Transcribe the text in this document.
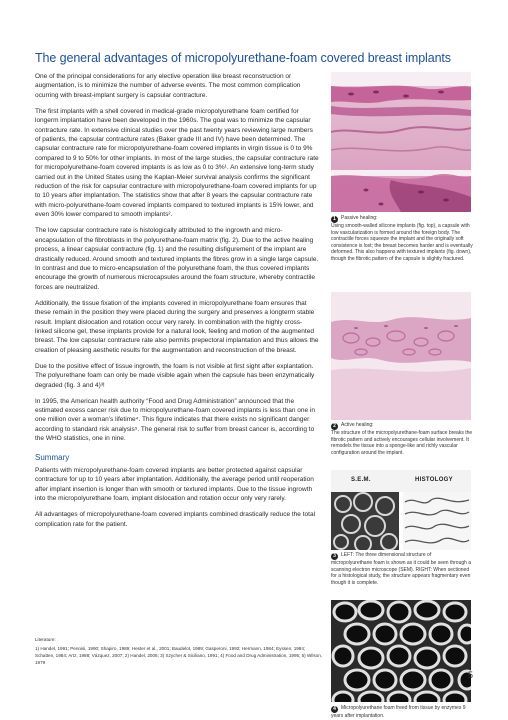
The general advantages of micropolyurethane-foam covered breast implants

One of the principal considerations for any elective operation like breast reconstruction or augmentation, is to minimize the number of adverse events. The most common complication ocurring with breast-implant surgery is capsular contracture.

The first implants with a shell covered in medical-grade micropolyurethane foam certified for longerm implantation have been developed in the 1960s. The goal was to minimize the capsular contracture rate. In extensive clinical studies over the past twenty years reviewing large numbers of patients, the capsular contracture rates (Baker grade III and IV) have been determined. The capsular contracture rate for micropolyurethane-foam covered implants in virgin tissue is 0 to 9% compared to 9 to 50% for other implants. In most of the large studies, the capsular contracture rate for micropolyurethane-foam covered implants is as low as 0 to 3%¹. An extensive long-term study carried out in the United States using the Kaplan-Meier survival analysis confirms the significant reduction of the risk for capsular contracture with micropolyurethane-foam covered implants for up to 10 years after implantation. The statistics show that after 8 years the capsular contracture rate with micro-polyurethane-foam covered implants compared to textured implants is 15% lower, and even 30% lower compared to smooth implants².

The low capsular contracture rate is histologically attributed to the ingrowth and micro-encapsulation of the fibroblasts in the polyurethane-foam matrix (fig. 2). Due to the active healing process, a linear capsular contracture (fig. 1) and the resulting disfigurement of the implant are drastically reduced. Around smooth and textured implants the fibres grow in a single large capsule. In contrast and due to micro-encapsulation of the polyurethane foam, the thus covered implants encourage the growth of numerous microcapsules around the foam structure, whereby contractile forces are neutralized.

Additionally, the tissue fixation of the implants covered in micropolyurethane foam ensures that these remain in the position they were placed during the surgery and preserves a longterm stable result. Implant dislocation and rotation occur very rarely. In combination with the highly cross-linked silicone gel, these implants provide for a natural look, feeling and motion of the augmented breast. The low capsular contracture rate also permits prepectoral implantation and thus allows the creation of pleasing aesthetic results for the augmentation and reconstruction of the breast.

Due to the positive effect of tissue ingrowth, the foam is not visible at first sight after explantation. The polyurethane foam can only be made visible again when the capsule has been enzymatically degraded (fig. 3 and 4)³!

In 1995, the American health authority “Food and Drug Administration” announced that the estimated excess cancer risk due to micropolyurethane-foam covered implants is less than one in one million over a woman’s lifetime⁴. This figure indicates that there exists no significant danger according to standard risk analysis⁵. The general risk to suffer from breast cancer is, according to the WHO statistics, one in nine.

Summary

Patients with micropolyurethane-foam covered implants are better protected against capsular contracture for up to 10 years after implantation. Additionally, the average period until reoperation after implant insertion is longer than with smooth or textured implants. Due to the tissue ingrowth into the micropolyurethane foam, implant dislocation and rotation occur only very rarely.

All advantages of micropolyurethane-foam covered implants combined drastically reduce the total complication rate for the patient.

Literature:
1) Handel, 1991; Pennisi, 1990; Shapiro, 1989; Hester et al., 2001; Baudelot, 1989; Gasperoni, 1992; Hermann, 1984; Eyssen, 1984; Schatten, 1984; Artz, 1988; Vázquez, 2007; 2) Handel, 2006; 3) Szycher & Siciliano, 1991; 4) Food and Drug Administration, 1995; 5) Wilson, 1979
1 Passive healing:
Using smooth-walled silicone implants (fig. top), a capsule with low vascularization is formed around the foreign body. The contractile forces squeeze the implant and the originally soft consistence is lost; the breast becomes harder and is eventually deformed. This also happens with textured implants (fig. down), though the fibrotic pattern of the capsule is slightly fractured.
2 Active healing:
The structure of the micropolyurethane-foam surface breaks the fibrotic pattern and actively encourages cellular involvement. It remodels the tissue into a sponge-like and richly vascular configuration around the implant.
S.E.M.	HISTOLOGY
3 LEFT: The three dimensional structure of micropolyurethane foam is shown as it could be seen through a scanning electron microscope (SEM). RIGHT: When sectioned for a histological study, the structure appears fragmentary even though it is complete.
4 Micropolyurethane foam freed from tissue by enzymes 9 years after implantation.
5
